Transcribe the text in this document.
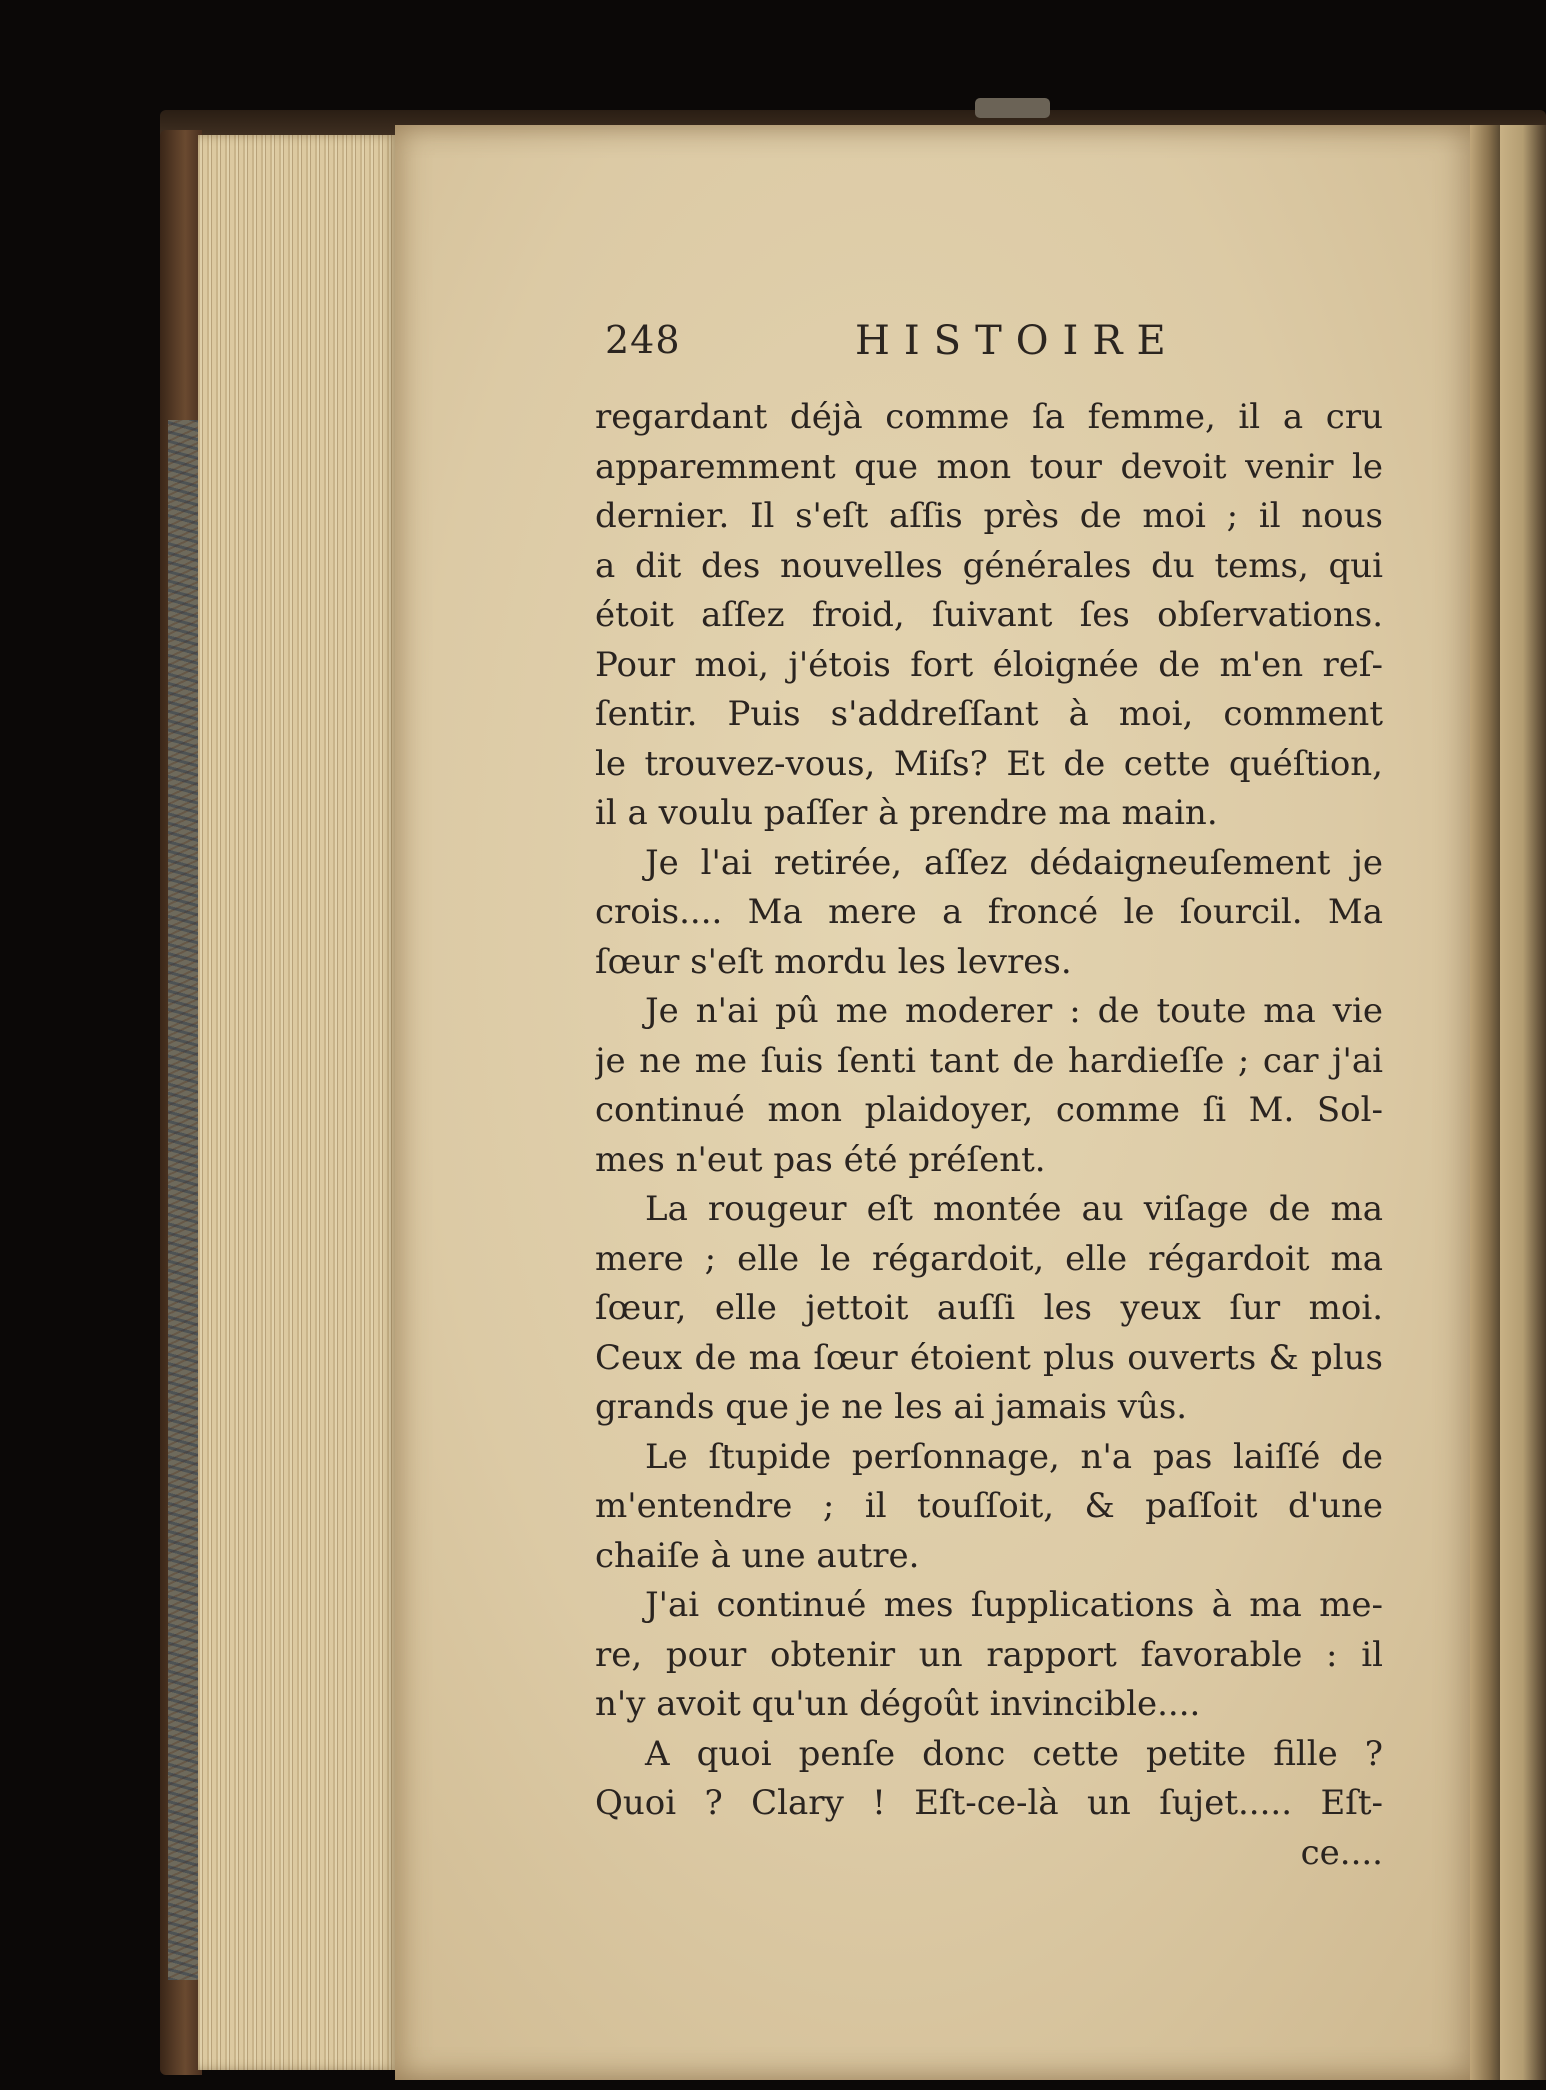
248	HISTOIRE
regardant déjà comme ſa femme, il a cru
apparemment que mon tour devoit venir le
dernier. Il s'eſt aſſis près de moi ; il nous
a dit des nouvelles générales du tems, qui
étoit aſſez froid, ſuivant ſes obſervations.
Pour moi, j'étois fort éloignée de m'en reſ-
ſentir. Puis s'addreſſant à moi, comment
le trouvez-vous, Miſs? Et de cette quéſtion,
il a voulu paſſer à prendre ma main.
Je l'ai retirée, aſſez dédaigneuſement je
crois.... Ma mere a froncé le ſourcil. Ma
ſœur s'eſt mordu les levres.
Je n'ai pû me moderer : de toute ma vie
je ne me ſuis ſenti tant de hardieſſe ; car j'ai
continué mon plaidoyer, comme ſi M. Sol-
mes n'eut pas été préſent.
La rougeur eſt montée au viſage de ma
mere ; elle le régardoit, elle régardoit ma
ſœur, elle jettoit auſſi les yeux ſur moi.
Ceux de ma ſœur étoient plus ouverts & plus
grands que je ne les ai jamais vûs.
Le ſtupide perſonnage, n'a pas laiſſé de
m'entendre ; il touſſoit, & paſſoit d'une
chaiſe à une autre.
J'ai continué mes ſupplications à ma me-
re, pour obtenir un rapport favorable : il
n'y avoit qu'un dégoût invincible....
A quoi penſe donc cette petite fille ?
Quoi ? Clary ! Eſt-ce-là un ſujet..... Eſt-
ce....
